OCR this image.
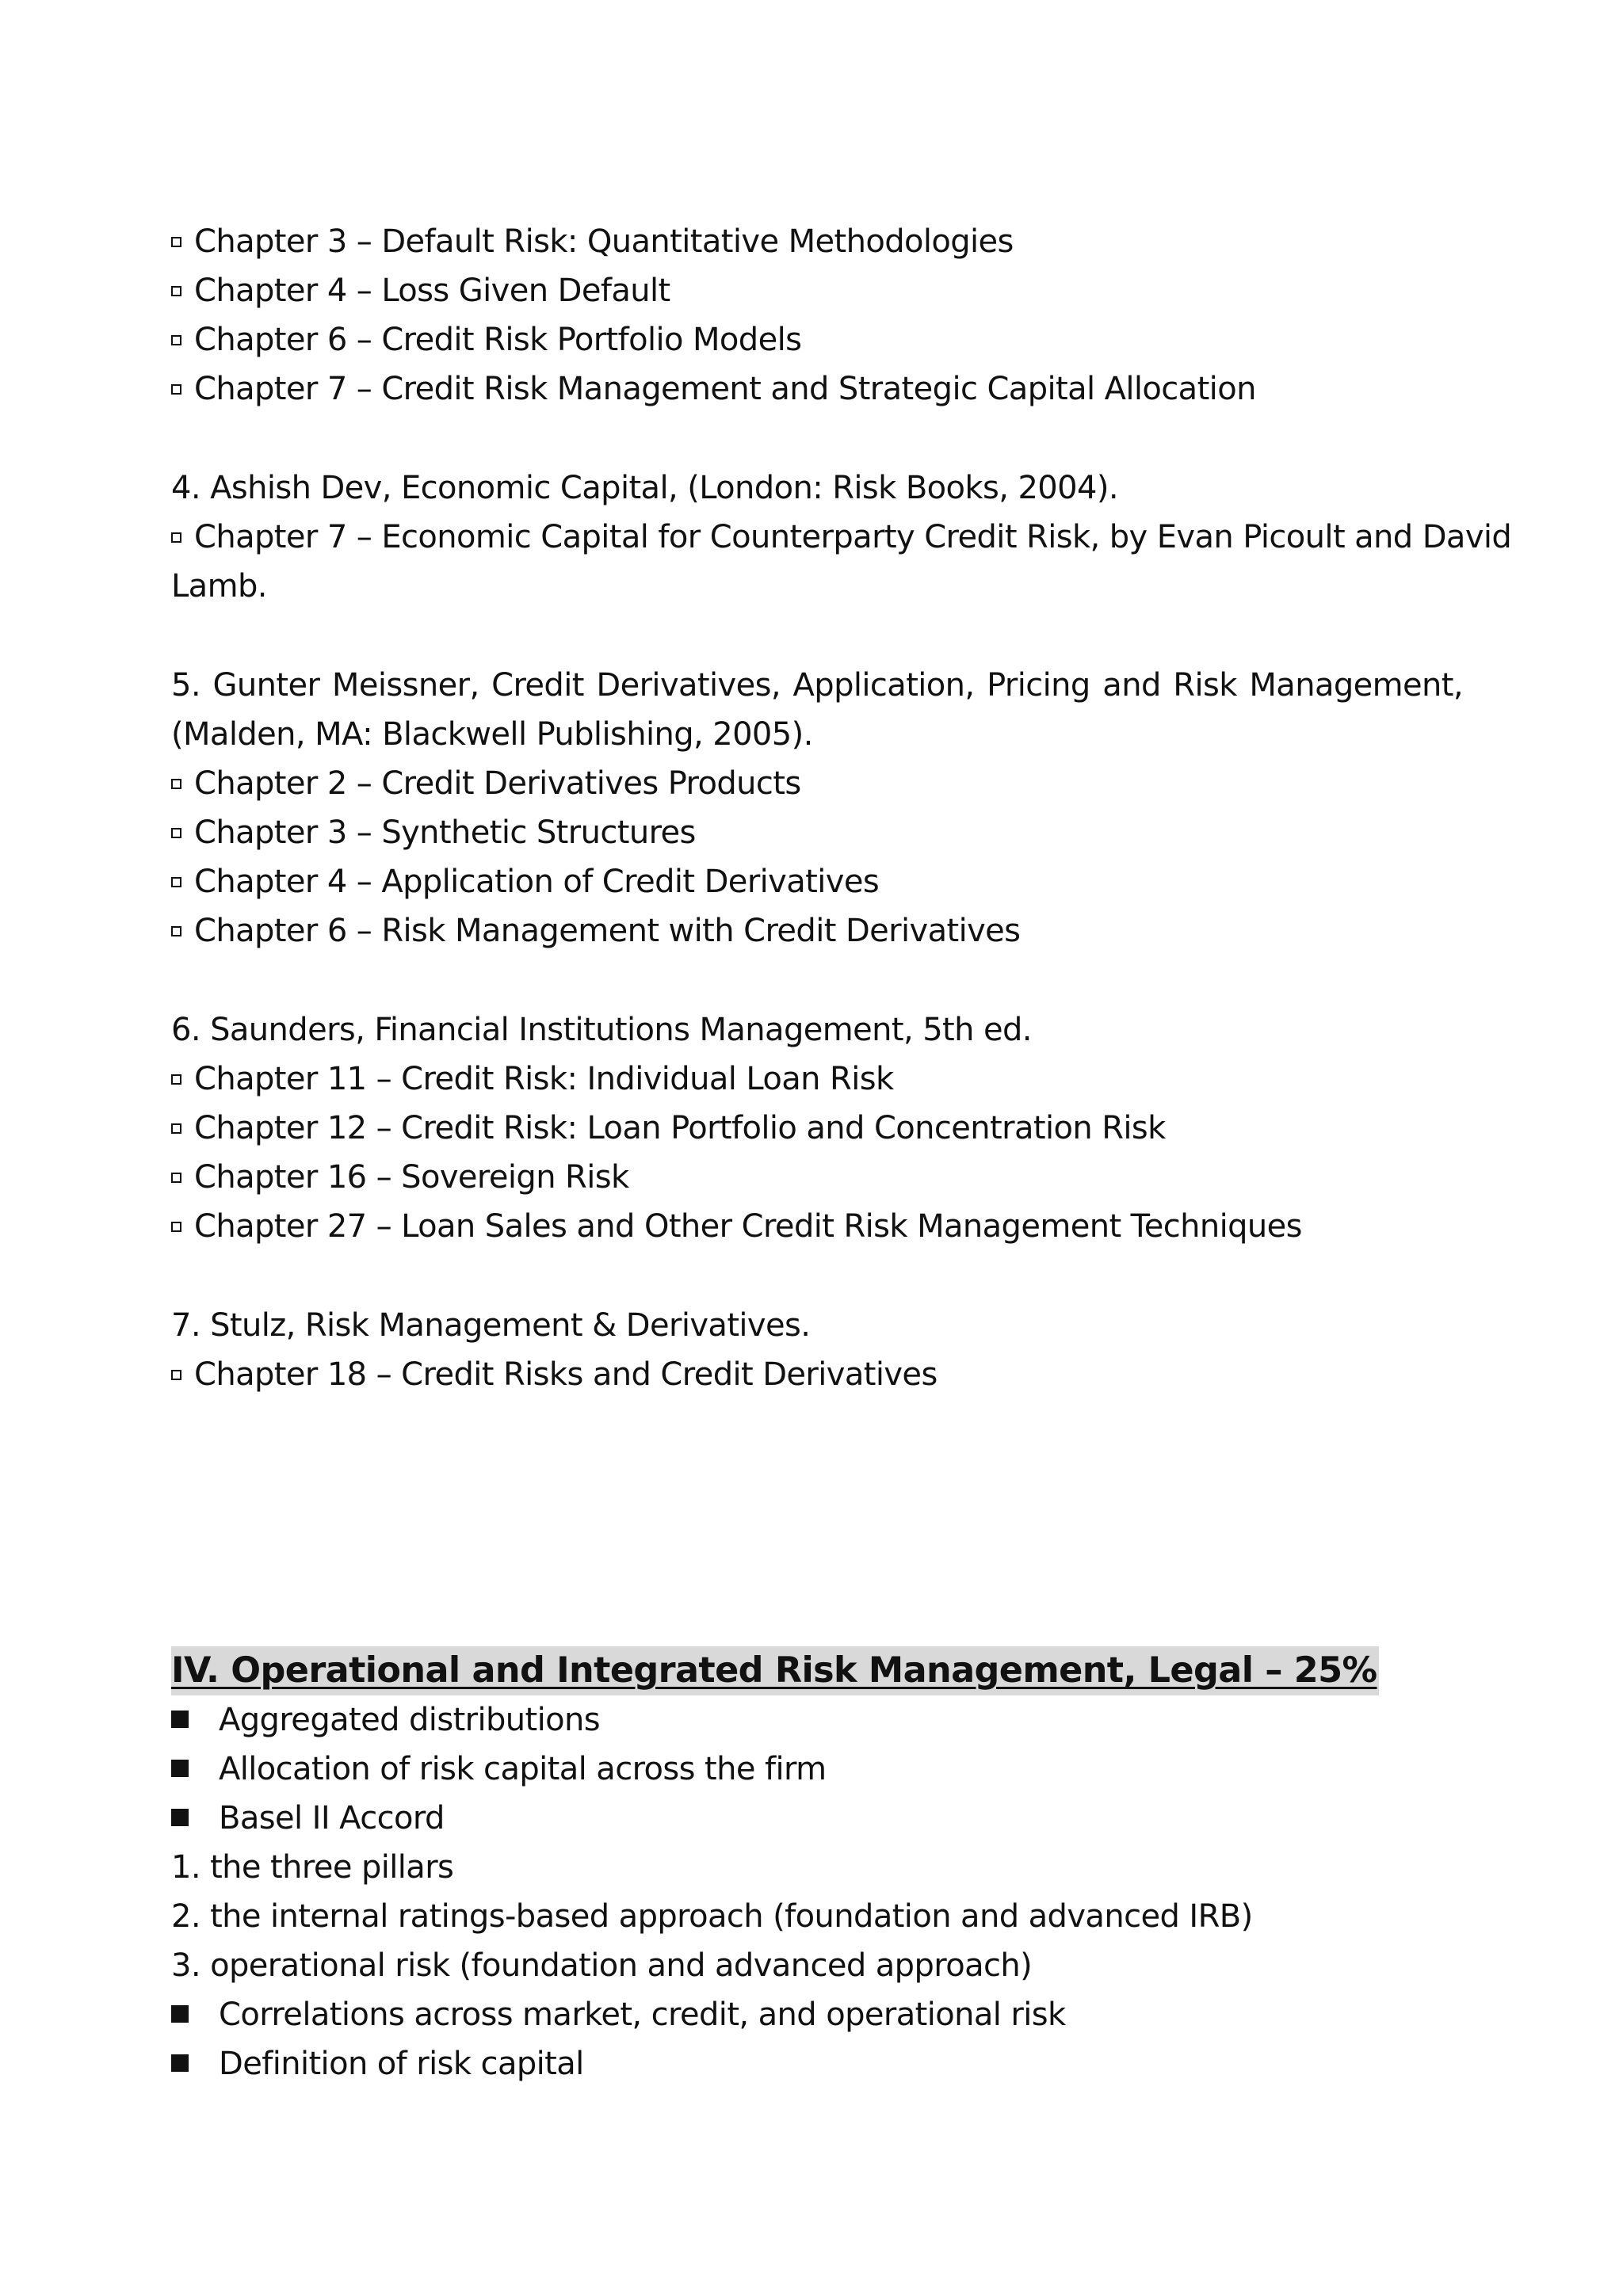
Chapter 3 – Default Risk: Quantitative Methodologies
Chapter 4 – Loss Given Default
Chapter 6 – Credit Risk Portfolio Models
Chapter 7 – Credit Risk Management and Strategic Capital Allocation
4. Ashish Dev, Economic Capital, (London: Risk Books, 2004).
Chapter 7 – Economic Capital for Counterparty Credit Risk, by Evan Picoult and David
Lamb.
5. Gunter Meissner, Credit Derivatives, Application, Pricing and Risk Management,
(Malden, MA: Blackwell Publishing, 2005).
Chapter 2 – Credit Derivatives Products
Chapter 3 – Synthetic Structures
Chapter 4 – Application of Credit Derivatives
Chapter 6 – Risk Management with Credit Derivatives
6. Saunders, Financial Institutions Management, 5th ed.
Chapter 11 – Credit Risk: Individual Loan Risk
Chapter 12 – Credit Risk: Loan Portfolio and Concentration Risk
Chapter 16 – Sovereign Risk
Chapter 27 – Loan Sales and Other Credit Risk Management Techniques
7. Stulz, Risk Management & Derivatives.
Chapter 18 – Credit Risks and Credit Derivatives
IV. Operational and Integrated Risk Management, Legal – 25%
Aggregated distributions
Allocation of risk capital across the firm
Basel II Accord
1. the three pillars
2. the internal ratings-based approach (foundation and advanced IRB)
3. operational risk (foundation and advanced approach)
Correlations across market, credit, and operational risk
Definition of risk capital
